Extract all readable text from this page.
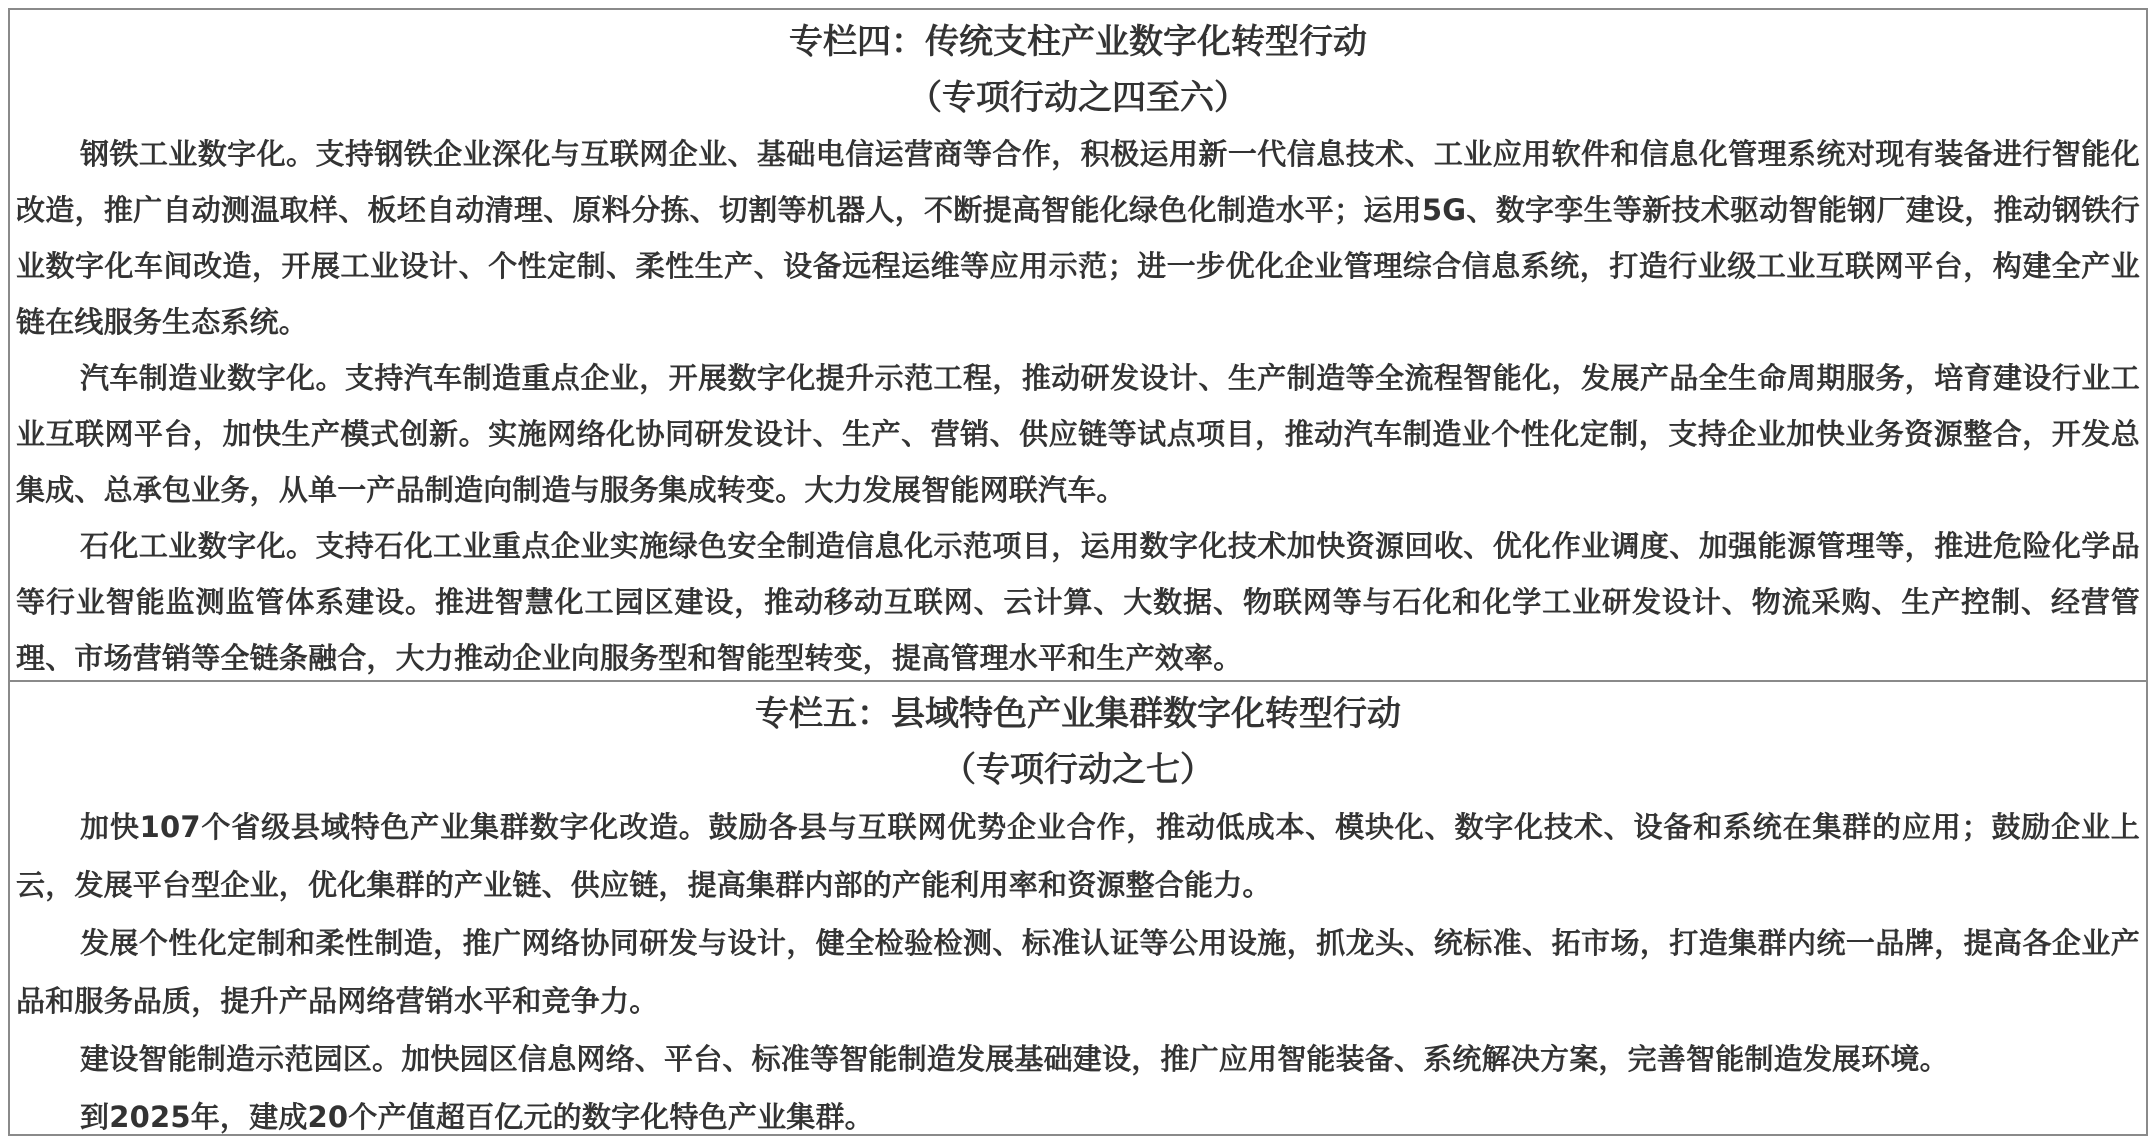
专栏四：传统支柱产业数字化转型行动
（专项行动之四至六）

钢铁工业数字化。支持钢铁企业深化与互联网企业、基础电信运营商等合作，积极运用新一代信息技术、工业应用软件和信息化管理系统对现有装备进行智能化改造，推广自动测温取样、板坯自动清理、原料分拣、切割等机器人，不断提高智能化绿色化制造水平；运用5G、数字孪生等新技术驱动智能钢厂建设，推动钢铁行业数字化车间改造，开展工业设计、个性定制、柔性生产、设备远程运维等应用示范；进一步优化企业管理综合信息系统，打造行业级工业互联网平台，构建全产业链在线服务生态系统。

汽车制造业数字化。支持汽车制造重点企业，开展数字化提升示范工程，推动研发设计、生产制造等全流程智能化，发展产品全生命周期服务，培育建设行业工业互联网平台，加快生产模式创新。实施网络化协同研发设计、生产、营销、供应链等试点项目，推动汽车制造业个性化定制，支持企业加快业务资源整合，开发总集成、总承包业务，从单一产品制造向制造与服务集成转变。大力发展智能网联汽车。

石化工业数字化。支持石化工业重点企业实施绿色安全制造信息化示范项目，运用数字化技术加快资源回收、优化作业调度、加强能源管理等，推进危险化学品等行业智能监测监管体系建设。推进智慧化工园区建设，推动移动互联网、云计算、大数据、物联网等与石化和化学工业研发设计、物流采购、生产控制、经营管理、市场营销等全链条融合，大力推动企业向服务型和智能型转变，提高管理水平和生产效率。

专栏五：县域特色产业集群数字化转型行动
（专项行动之七）

加快107个省级县域特色产业集群数字化改造。鼓励各县与互联网优势企业合作，推动低成本、模块化、数字化技术、设备和系统在集群的应用；鼓励企业上云，发展平台型企业，优化集群的产业链、供应链，提高集群内部的产能利用率和资源整合能力。

发展个性化定制和柔性制造，推广网络协同研发与设计，健全检验检测、标准认证等公用设施，抓龙头、统标准、拓市场，打造集群内统一品牌，提高各企业产品和服务品质，提升产品网络营销水平和竞争力。

建设智能制造示范园区。加快园区信息网络、平台、标准等智能制造发展基础建设，推广应用智能装备、系统解决方案，完善智能制造发展环境。

到2025年，建成20个产值超百亿元的数字化特色产业集群。
